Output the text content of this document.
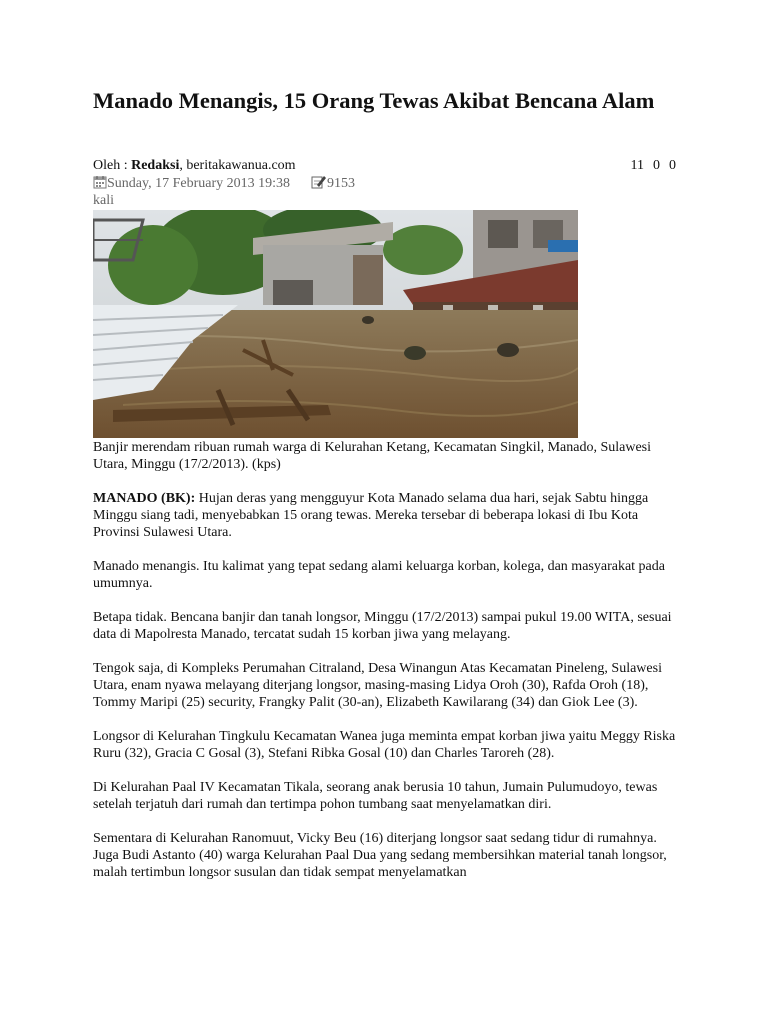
Manado Menangis, 15 Orang Tewas Akibat Bencana Alam
Oleh : Redaksi, beritakawanua.com	11 0 0
Sunday, 17 February 2013 19:38	9153
kali

Banjir merendam ribuan rumah warga di Kelurahan Ketang, Kecamatan Singkil, Manado, Sulawesi Utara, Minggu (17/2/2013). (kps)

MANADO (BK): Hujan deras yang mengguyur Kota Manado selama dua hari, sejak Sabtu hingga Minggu siang tadi, menyebabkan 15 orang tewas. Mereka tersebar di beberapa lokasi di Ibu Kota Provinsi Sulawesi Utara.

Manado menangis. Itu kalimat yang tepat sedang alami keluarga korban, kolega, dan masyarakat pada umumnya.

Betapa tidak. Bencana banjir dan tanah longsor, Minggu (17/2/2013) sampai pukul 19.00 WITA, sesuai data di Mapolresta Manado, tercatat sudah 15 korban jiwa yang melayang.

Tengok saja, di Kompleks Perumahan Citraland, Desa Winangun Atas Kecamatan Pineleng, Sulawesi Utara, enam nyawa melayang diterjang longsor, masing-masing Lidya Oroh (30), Rafda Oroh (18), Tommy Maripi (25) security, Frangky Palit (30-an), Elizabeth Kawilarang (34) dan Giok Lee (3).

Longsor di Kelurahan Tingkulu Kecamatan Wanea juga meminta empat korban jiwa yaitu Meggy Riska Ruru (32), Gracia C Gosal (3), Stefani Ribka Gosal (10) dan Charles Taroreh (28).

Di Kelurahan Paal IV Kecamatan Tikala, seorang anak berusia 10 tahun, Jumain Pulumudoyo, tewas setelah terjatuh dari rumah dan tertimpa pohon tumbang saat menyelamatkan diri.

Sementara di Kelurahan Ranomuut, Vicky Beu (16) diterjang longsor saat sedang tidur di rumahnya. Juga Budi Astanto (40) warga Kelurahan Paal Dua yang sedang membersihkan material tanah longsor, malah tertimbun longsor susulan dan tidak sempat menyelamatkan
